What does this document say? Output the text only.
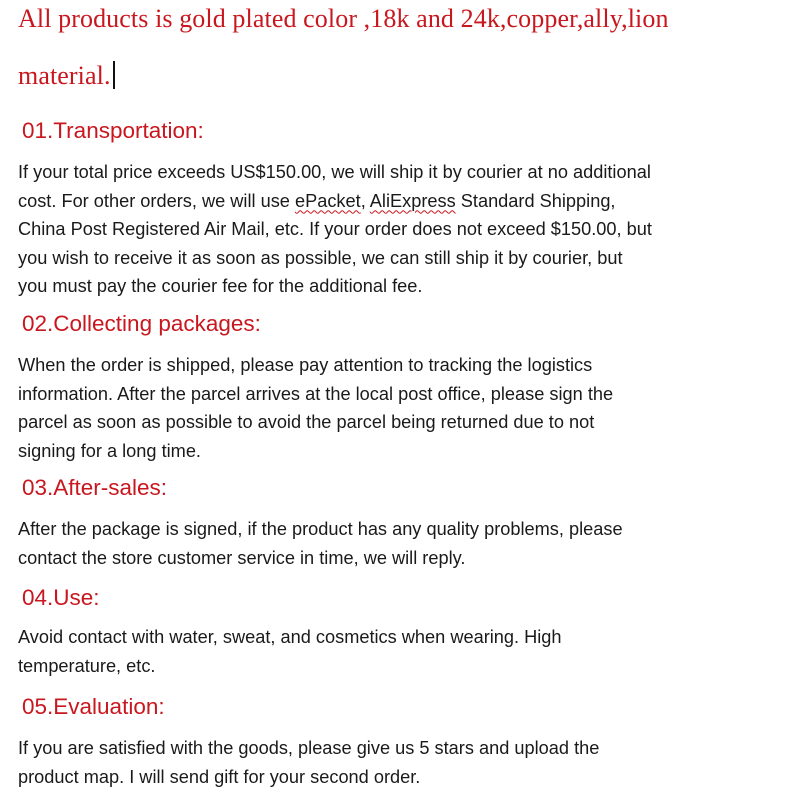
All products is gold plated color ,18k and 24k,copper,ally,lion
material.
01.Transportation:
If your total price exceeds US$150.00, we will ship it by courier at no additional
cost. For other orders, we will use ePacket, AliExpress Standard Shipping,
China Post Registered Air Mail, etc. If your order does not exceed $150.00, but
you wish to receive it as soon as possible, we can still ship it by courier, but
you must pay the courier fee for the additional fee.
02.Collecting packages:
When the order is shipped, please pay attention to tracking the logistics
information. After the parcel arrives at the local post office, please sign the
parcel as soon as possible to avoid the parcel being returned due to not
signing for a long time.
03.After-sales:
After the package is signed, if the product has any quality problems, please
contact the store customer service in time, we will reply.
04.Use:
Avoid contact with water, sweat, and cosmetics when wearing. High
temperature, etc.
05.Evaluation:
If you are satisfied with the goods, please give us 5 stars and upload the
product map. I will send gift for your second order.
